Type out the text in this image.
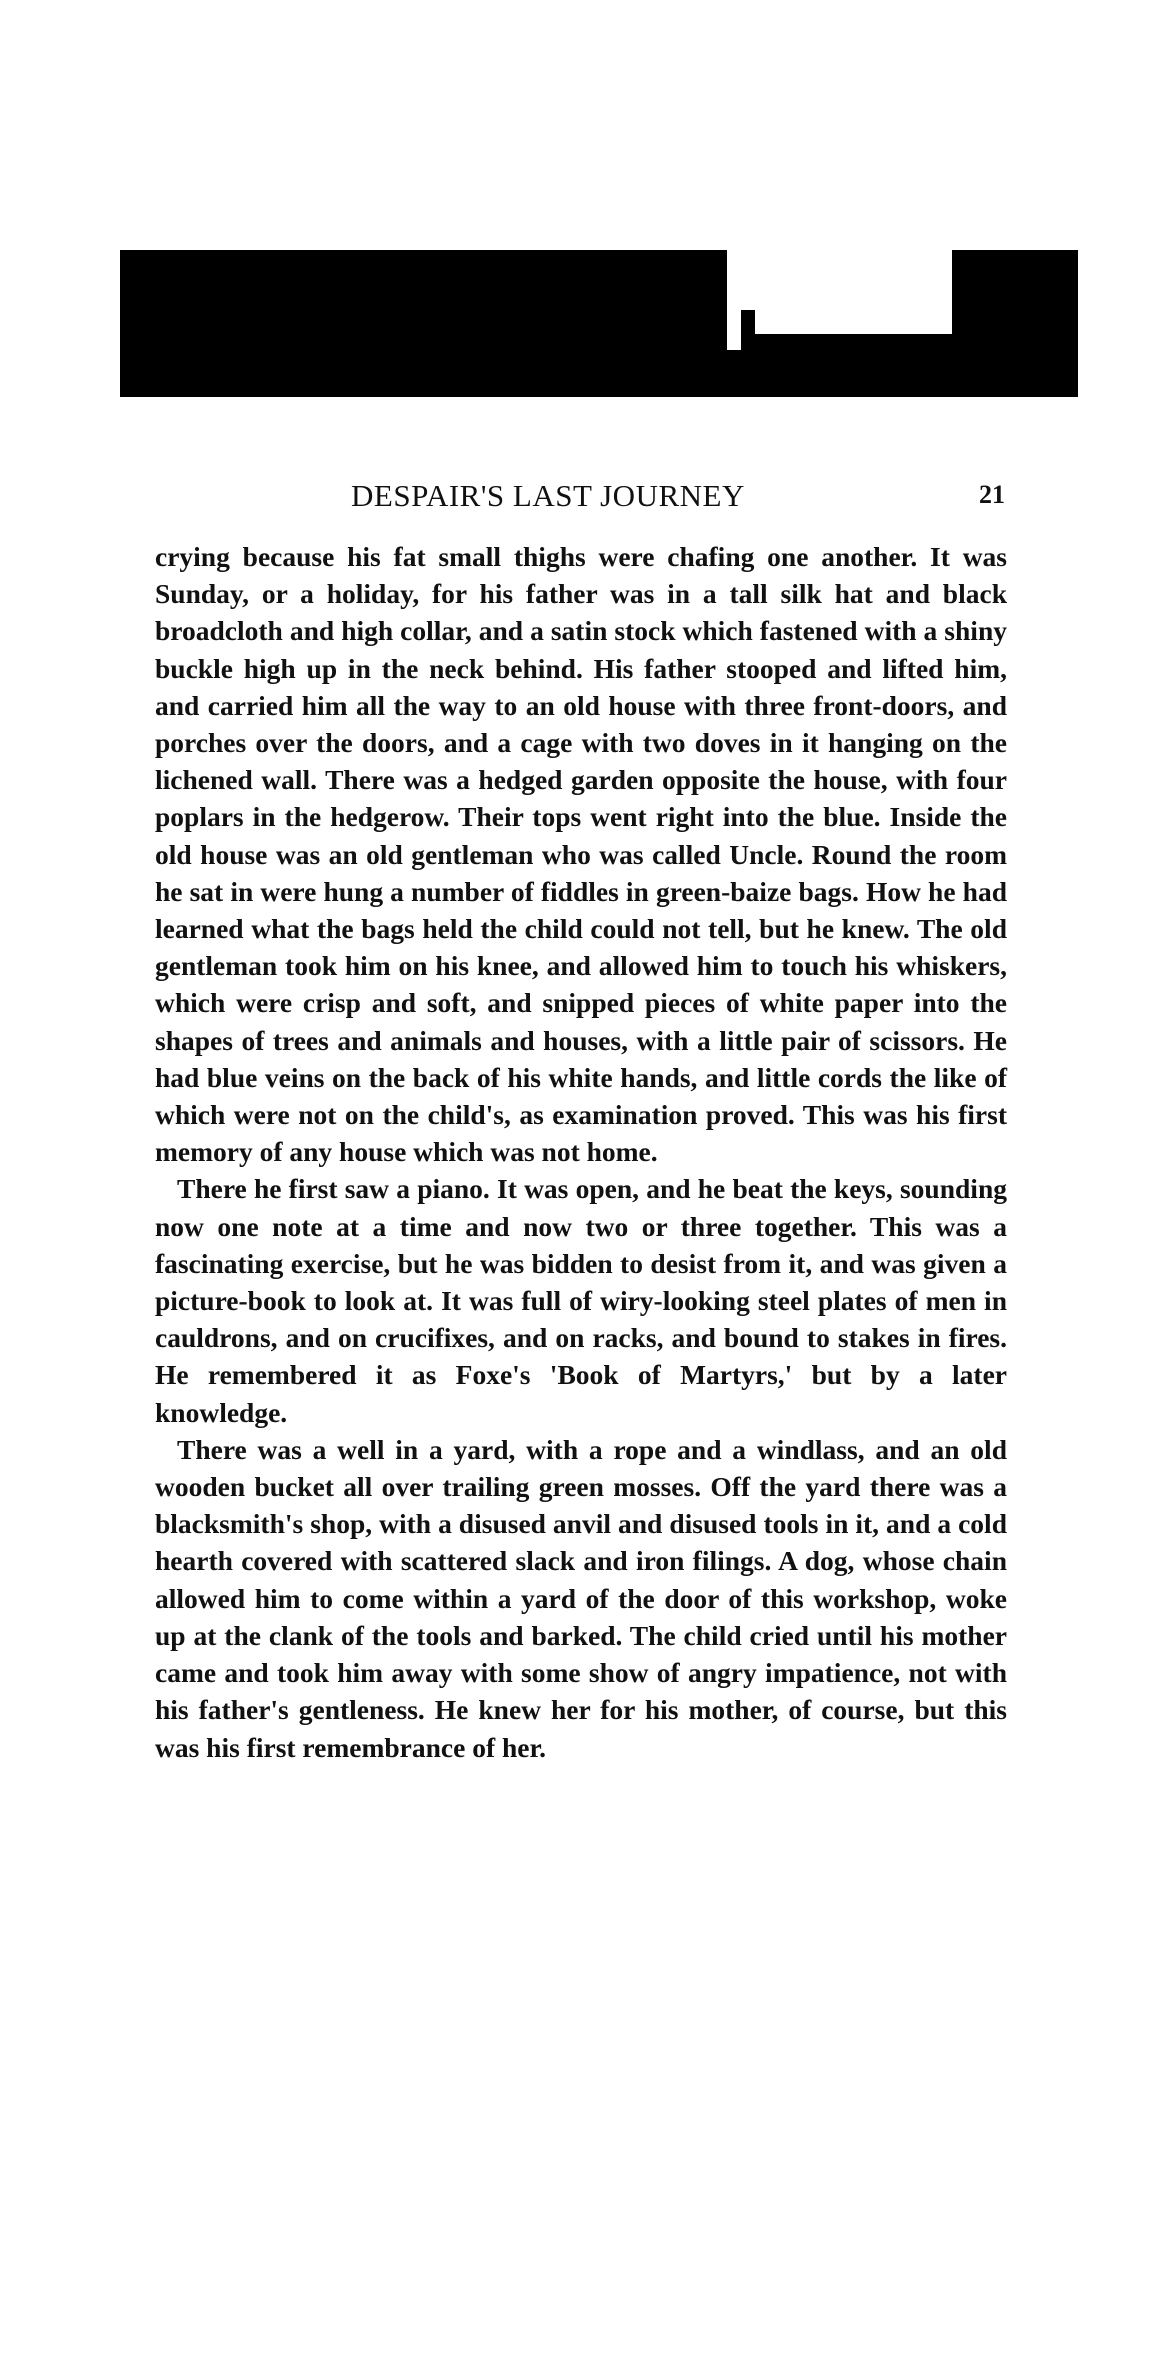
DESPAIR'S LAST JOURNEY	21

crying because his fat small thighs were chafing one another. It was Sunday, or a holiday, for his father was in a tall silk hat and black broadcloth and high collar, and a satin stock which fastened with a shiny buckle high up in the neck behind. His father stooped and lifted him, and carried him all the way to an old house with three front-doors, and porches over the doors, and a cage with two doves in it hanging on the lichened wall. There was a hedged garden opposite the house, with four poplars in the hedgerow. Their tops went right into the blue. Inside the old house was an old gentleman who was called Uncle. Round the room he sat in were hung a number of fiddles in green-baize bags. How he had learned what the bags held the child could not tell, but he knew. The old gentleman took him on his knee, and allowed him to touch his whiskers, which were crisp and soft, and snipped pieces of white paper into the shapes of trees and animals and houses, with a little pair of scissors. He had blue veins on the back of his white hands, and little cords the like of which were not on the child's, as examination proved. This was his first memory of any house which was not home.

There he first saw a piano. It was open, and he beat the keys, sounding now one note at a time and now two or three together. This was a fascinating exercise, but he was bidden to desist from it, and was given a picture-book to look at. It was full of wiry-looking steel plates of men in cauldrons, and on crucifixes, and on racks, and bound to stakes in fires. He remembered it as Foxe's 'Book of Martyrs,' but by a later knowledge.

There was a well in a yard, with a rope and a windlass, and an old wooden bucket all over trailing green mosses. Off the yard there was a blacksmith's shop, with a disused anvil and disused tools in it, and a cold hearth covered with scattered slack and iron filings. A dog, whose chain allowed him to come within a yard of the door of this workshop, woke up at the clank of the tools and barked. The child cried until his mother came and took him away with some show of angry impatience, not with his father's gentleness. He knew her for his mother, of course, but this was his first remembrance of her.
